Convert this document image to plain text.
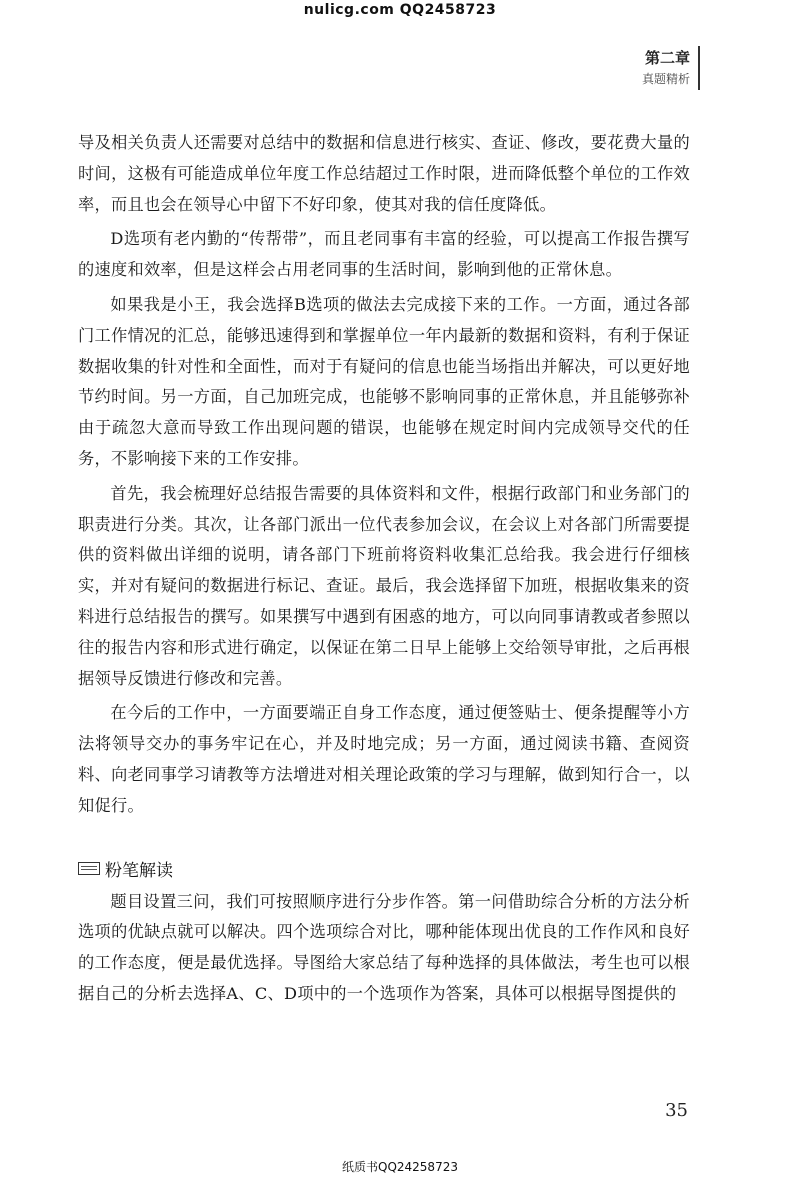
nulicg.com QQ2458723
第二章
真题精析

导及相关负责人还需要对总结中的数据和信息进行核实、查证、修改，要花费大量的时间，这极有可能造成单位年度工作总结超过工作时限，进而降低整个单位的工作效率，而且也会在领导心中留下不好印象，使其对我的信任度降低。

D选项有老内勤的“传帮带”，而且老同事有丰富的经验，可以提高工作报告撰写的速度和效率，但是这样会占用老同事的生活时间，影响到他的正常休息。

如果我是小王，我会选择B选项的做法去完成接下来的工作。一方面，通过各部门工作情况的汇总，能够迅速得到和掌握单位一年内最新的数据和资料，有利于保证数据收集的针对性和全面性，而对于有疑问的信息也能当场指出并解决，可以更好地节约时间。另一方面，自己加班完成，也能够不影响同事的正常休息，并且能够弥补由于疏忽大意而导致工作出现问题的错误，也能够在规定时间内完成领导交代的任务，不影响接下来的工作安排。

首先，我会梳理好总结报告需要的具体资料和文件，根据行政部门和业务部门的职责进行分类。其次，让各部门派出一位代表参加会议，在会议上对各部门所需要提供的资料做出详细的说明，请各部门下班前将资料收集汇总给我。我会进行仔细核实，并对有疑问的数据进行标记、查证。最后，我会选择留下加班，根据收集来的资料进行总结报告的撰写。如果撰写中遇到有困惑的地方，可以向同事请教或者参照以往的报告内容和形式进行确定，以保证在第二日早上能够上交给领导审批，之后再根据领导反馈进行修改和完善。

在今后的工作中，一方面要端正自身工作态度，通过便签贴士、便条提醒等小方法将领导交办的事务牢记在心，并及时地完成；另一方面，通过阅读书籍、查阅资料、向老同事学习请教等方法增进对相关理论政策的学习与理解，做到知行合一，以知促行。

粉笔解读

题目设置三问，我们可按照顺序进行分步作答。第一问借助综合分析的方法分析选项的优缺点就可以解决。四个选项综合对比，哪种能体现出优良的工作作风和良好的工作态度，便是最优选择。导图给大家总结了每种选择的具体做法，考生也可以根据自己的分析去选择A、C、D项中的一个选项作为答案，具体可以根据导图提供的

35
纸质书QQ24258723
